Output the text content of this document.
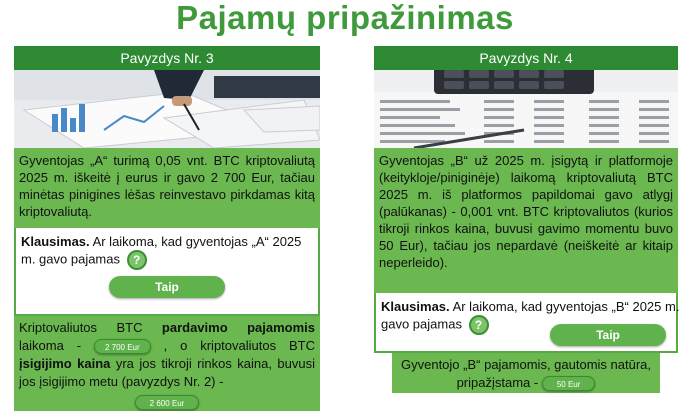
Pajamų pripažinimas
Pavyzdys Nr. 3
Gyventojas „A“ turimą 0,05 vnt. BTC kriptovaliutą 2025 m. iškeitė į eurus ir gavo 2 700 Eur, tačiau minėtas pinigines lėšas reinvestavo pirkdamas kitą kriptovaliutą.
Klausimas. Ar laikoma, kad gyventojas „A“ 2025 m. gavo pajamas ?
Taip
Kriptovaliutos BTC pardavimo pajamomis laikoma - 2 700 Eur , o kriptovaliutos BTC įsigijimo kaina yra jos tikroji rinkos kaina, buvusi jos įsigijimo metu (pavyzdys Nr. 2) -
2 600 Eur
Pavyzdys Nr. 4
Gyventojas „B“ už 2025 m. įsigytą ir platformoje (keitykloje/piniginėje) laikomą kriptovaliutą BTC 2025 m. iš platformos papildomai gavo atlygį (palūkanas) - 0,001 vnt. BTC kriptovaliutos (kurios tikroji rinkos kaina, buvusi gavimo momentu buvo 50 Eur), tačiau jos nepardavė (neiškeitė ar kitaip neperleido).
Klausimas. Ar laikoma, kad gyventojas „B“ 2025 m. gavo pajamas ?
Taip
Gyventojo „B“ pajamomis, gautomis natūra, pripažįstama - 50 Eur
